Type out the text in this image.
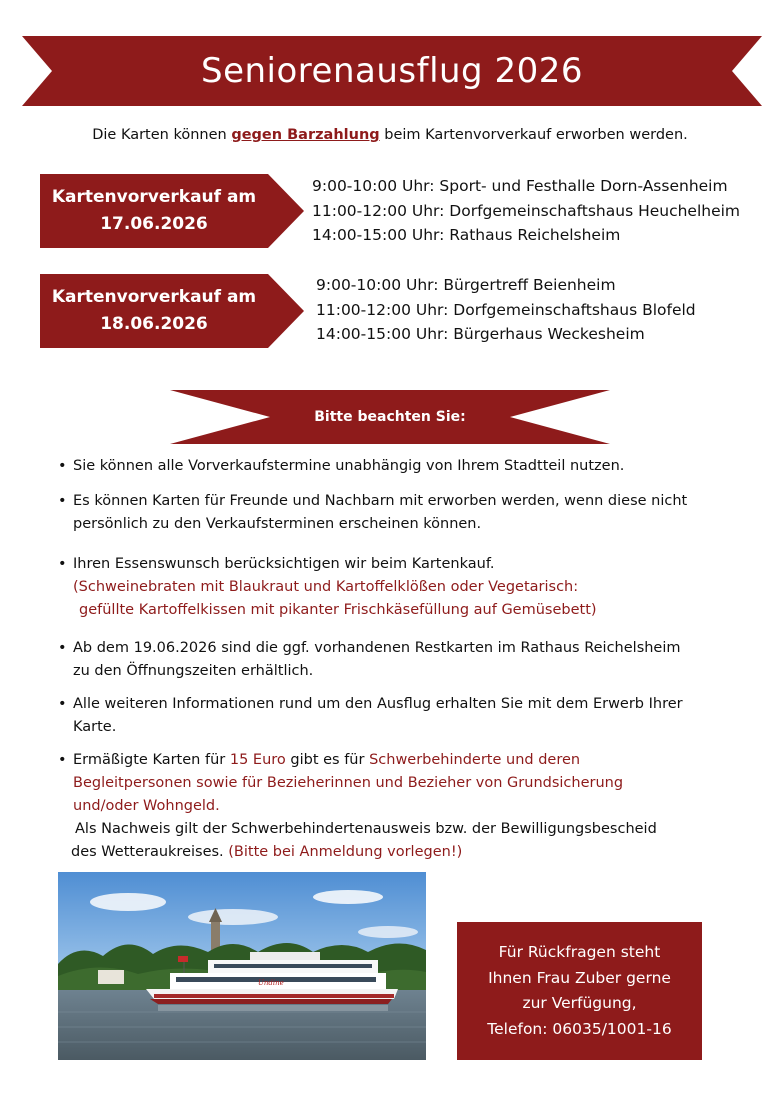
Seniorenausflug 2026
Die Karten können gegen Barzahlung beim Kartenvorverkauf erworben werden.
Kartenvorverkauf am
17.06.2026
9:00-10:00 Uhr: Sport- und Festhalle Dorn-Assenheim
11:00-12:00 Uhr: Dorfgemeinschaftshaus Heuchelheim
14:00-15:00 Uhr: Rathaus Reichelsheim
Kartenvorverkauf am
18.06.2026
9:00-10:00 Uhr: Bürgertreff Beienheim
11:00-12:00 Uhr: Dorfgemeinschaftshaus Blofeld
14:00-15:00 Uhr: Bürgerhaus Weckesheim
Bitte beachten Sie:
• Sie können alle Vorverkaufstermine unabhängig von Ihrem Stadtteil nutzen.
• Es können Karten für Freunde und Nachbarn mit erworben werden, wenn diese nicht
persönlich zu den Verkaufsterminen erscheinen können.
• Ihren Essenswunsch berücksichtigen wir beim Kartenkauf.
(Schweinebraten mit Blaukraut und Kartoffelklößen oder Vegetarisch:
gefüllte Kartoffelkissen mit pikanter Frischkäsefüllung auf Gemüsebett)
• Ab dem 19.06.2026 sind die ggf. vorhandenen Restkarten im Rathaus Reichelsheim
zu den Öffnungszeiten erhältlich.
• Alle weiteren Informationen rund um den Ausflug erhalten Sie mit dem Erwerb Ihrer
Karte.
• Ermäßigte Karten für 15 Euro gibt es für Schwerbehinderte und deren
Begleitpersonen sowie für Bezieherinnen und Bezieher von Grundsicherung
und/oder Wohngeld.
Als Nachweis gilt der Schwerbehindertenausweis bzw. der Bewilligungsbescheid
des Wetteraukreises. (Bitte bei Anmeldung vorlegen!)
Undine
Für Rückfragen steht
Ihnen Frau Zuber gerne
zur Verfügung,
Telefon: 06035/1001-16
